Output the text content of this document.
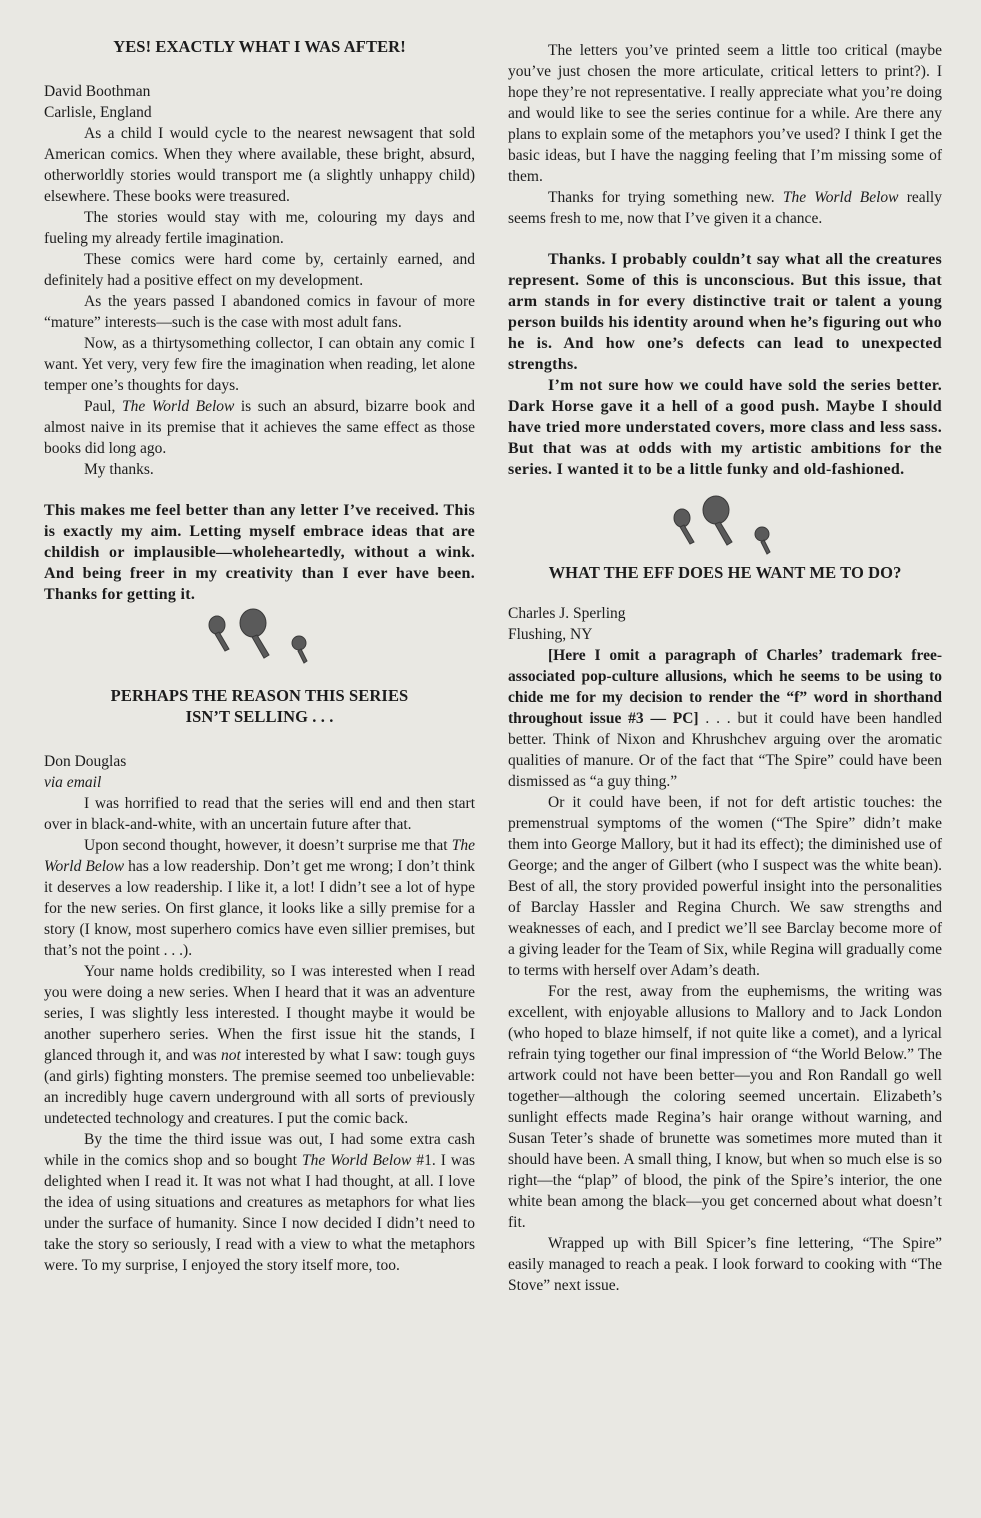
YES! EXACTLY WHAT I WAS AFTER!
David Boothman
Carlisle, England

As a child I would cycle to the nearest newsagent that sold American comics. When they where available, these bright, absurd, otherworldly stories would transport me (a slightly unhappy child) elsewhere. These books were treasured.

The stories would stay with me, colouring my days and fueling my already fertile imagination.

These comics were hard come by, certainly earned, and definitely had a positive effect on my development.

As the years passed I abandoned comics in favour of more “mature” interests—such is the case with most adult fans.

Now, as a thirtysomething collector, I can obtain any comic I want. Yet very, very few fire the imagination when reading, let alone temper one’s thoughts for days.

Paul, The World Below is such an absurd, bizarre book and almost naive in its premise that it achieves the same effect as those books did long ago.

My thanks.

This makes me feel better than any letter I’ve received. This is exactly my aim. Letting myself embrace ideas that are childish or implausible—wholeheartedly, without a wink. And being freer in my creativity than I ever have been. Thanks for getting it.

PERHAPS THE REASON THIS SERIES
ISN’T SELLING . . .
Don Douglas
via email

I was horrified to read that the series will end and then start over in black-and-white, with an uncertain future after that.

Upon second thought, however, it doesn’t surprise me that The World Below has a low readership. Don’t get me wrong; I don’t think it deserves a low readership. I like it, a lot! I didn’t see a lot of hype for the new series. On first glance, it looks like a silly premise for a story (I know, most superhero comics have even sillier premises, but that’s not the point . . .).

Your name holds credibility, so I was interested when I read you were doing a new series. When I heard that it was an adventure series, I was slightly less interested. I thought maybe it would be another superhero series. When the first issue hit the stands, I glanced through it, and was not interested by what I saw: tough guys (and girls) fighting monsters. The premise seemed too unbelievable: an incredibly huge cavern underground with all sorts of previously undetected technology and creatures. I put the comic back.

By the time the third issue was out, I had some extra cash while in the comics shop and so bought The World Below #1. I was delighted when I read it. It was not what I had thought, at all. I love the idea of using situations and creatures as metaphors for what lies under the surface of humanity. Since I now decided I didn’t need to take the story so seriously, I read with a view to what the metaphors were. To my surprise, I enjoyed the story itself more, too.

The letters you’ve printed seem a little too critical (maybe you’ve just chosen the more articulate, critical letters to print?). I hope they’re not representative. I really appreciate what you’re doing and would like to see the series continue for a while. Are there any plans to explain some of the metaphors you’ve used? I think I get the basic ideas, but I have the nagging feeling that I’m missing some of them.

Thanks for trying something new. The World Below really seems fresh to me, now that I’ve given it a chance.

Thanks. I probably couldn’t say what all the creatures represent. Some of this is unconscious. But this issue, that arm stands in for every distinctive trait or talent a young person builds his identity around when he’s figuring out who he is. And how one’s defects can lead to unexpected strengths.

I’m not sure how we could have sold the series better. Dark Horse gave it a hell of a good push. Maybe I should have tried more understated covers, more class and less sass. But that was at odds with my artistic ambitions for the series. I wanted it to be a little funky and old-fashioned.

WHAT THE EFF DOES HE WANT ME TO DO?
Charles J. Sperling
Flushing, NY

[Here I omit a paragraph of Charles’ trademark free-associated pop-culture allusions, which he seems to be using to chide me for my decision to render the “f” word in shorthand throughout issue #3 — PC] . . . but it could have been handled better. Think of Nixon and Khrushchev arguing over the aromatic qualities of manure. Or of the fact that “The Spire” could have been dismissed as “a guy thing.”

Or it could have been, if not for deft artistic touches: the premenstrual symptoms of the women (“The Spire” didn’t make them into George Mallory, but it had its effect); the diminished use of George; and the anger of Gilbert (who I suspect was the white bean). Best of all, the story provided powerful insight into the personalities of Barclay Hassler and Regina Church. We saw strengths and weaknesses of each, and I predict we’ll see Barclay become more of a giving leader for the Team of Six, while Regina will gradually come to terms with herself over Adam’s death.

For the rest, away from the euphemisms, the writing was excellent, with enjoyable allusions to Mallory and to Jack London (who hoped to blaze himself, if not quite like a comet), and a lyrical refrain tying together our final impression of “the World Below.” The artwork could not have been better—you and Ron Randall go well together—although the coloring seemed uncertain. Elizabeth’s sunlight effects made Regina’s hair orange without warning, and Susan Teter’s shade of brunette was sometimes more muted than it should have been. A small thing, I know, but when so much else is so right—the “plap” of blood, the pink of the Spire’s interior, the one white bean among the black—you get concerned about what doesn’t fit.

Wrapped up with Bill Spicer’s fine lettering, “The Spire” easily managed to reach a peak. I look forward to cooking with “The Stove” next issue.
